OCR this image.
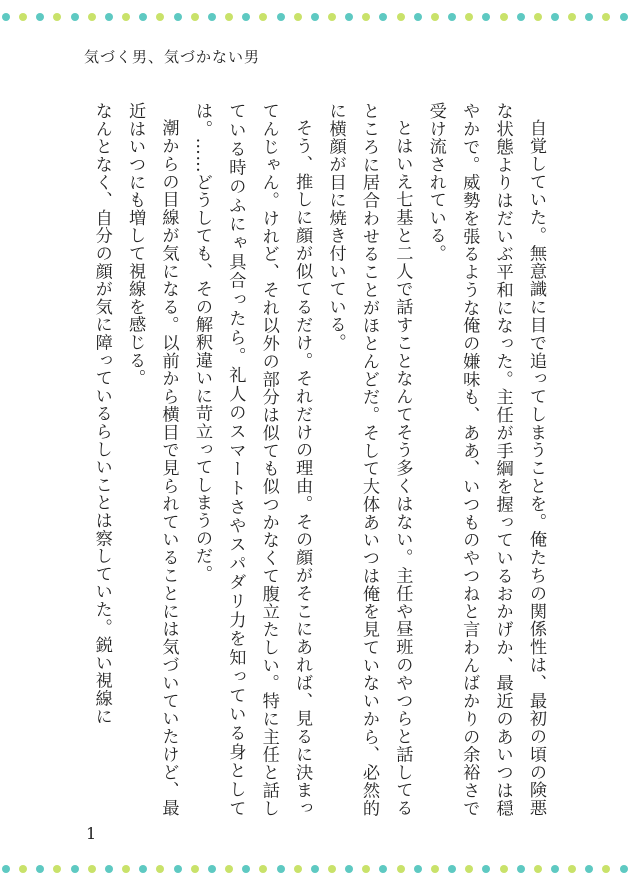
気づく男、気づかない男

自覚していた。無意識に目で追ってしまうことを。俺たちの関係性は、最初の頃の険悪な状態よりはだいぶ平和になった。主任が手綱を握っているおかげか、最近のあいつは穏やかで。威勢を張るような俺の嫌味も、ああ、いつものやつねと言わんばかりの余裕さで受け流されている。

とはいえ七基と二人で話すことなんてそう多くはない。主任や昼班のやつらと話してるところに居合わせることがほとんどだ。そして大体あいつは俺を見ていないから、必然的に横顔が目に焼き付いている。

そう、推しに顔が似てるだけ。それだけの理由。その顔がそこにあれば、見るに決まってんじゃん。けれど、それ以外の部分は似ても似つかなくて腹立たしい。特に主任と話している時のふにゃ具合ったら。礼人のスマートさやスパダリ力を知っている身としては。……どうしても、その解釈違いに苛立ってしまうのだ。

潮からの目線が気になる。以前から横目で見られていることには気づいていたけど、最近はいつにも増して視線を感じる。

なんとなく、自分の顔が気に障っているらしいことは察していた。鋭い視線に

1
